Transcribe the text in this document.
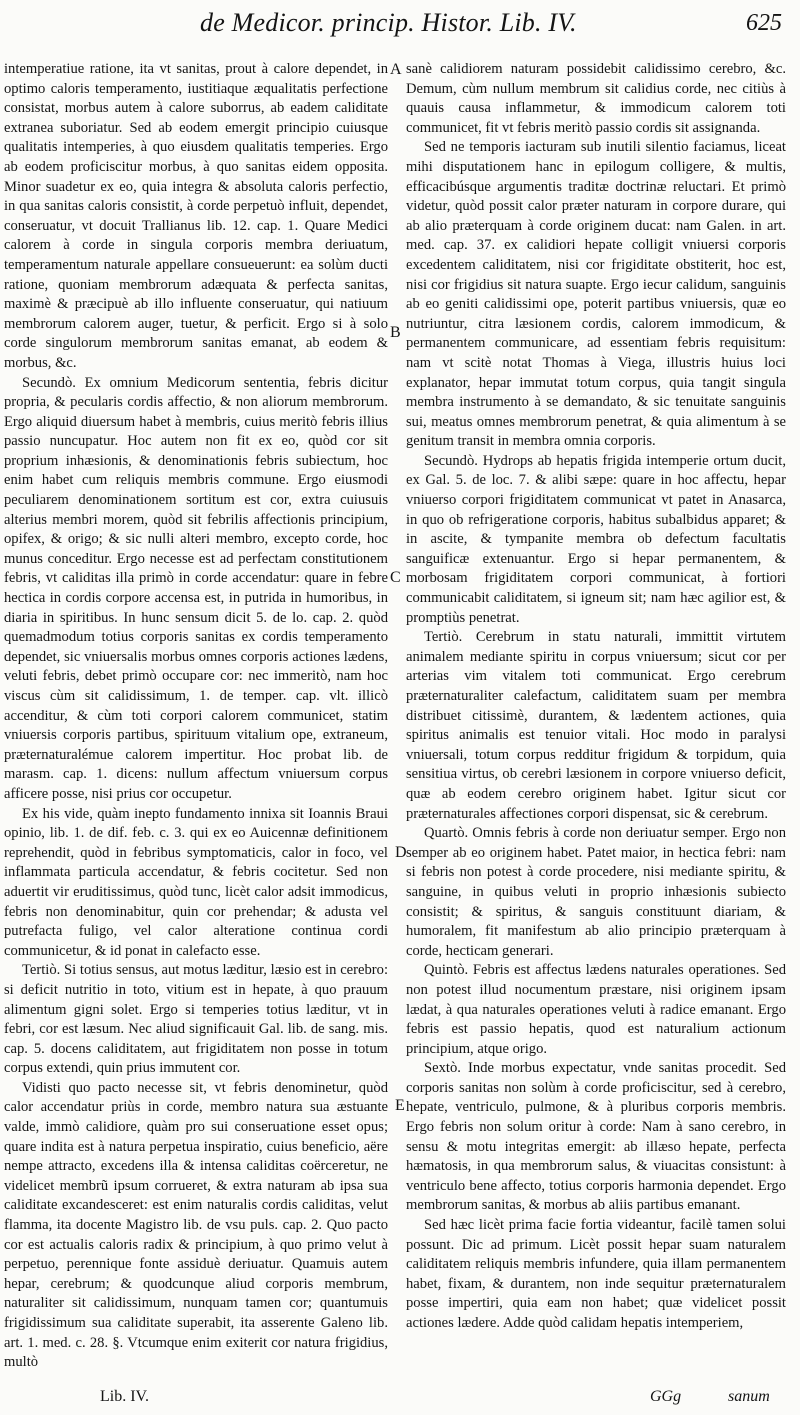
de Medicor. princip. Histor. Lib. IV.	625

intemperatiue ratione, ita vt sanitas, prout à calore dependet, in optimo caloris temperamento, iustitiaque æqualitatis perfectione consistat, morbus autem à calore suborrus, ab eadem caliditate extranea suboriatur. Sed ab eodem emergit principio cuiusque qualitatis intemperies, à quo eiusdem qualitatis temperies. Ergo ab eodem proficiscitur morbus, à quo sanitas eidem opposita. Minor suadetur ex eo, quia integra & absoluta caloris perfectio, in qua sanitas caloris consistit, à corde perpetuò influit, dependet, conseruatur, vt docuit Trallianus lib. 12. cap. 1. Quare Medici calorem à corde in singula corporis membra deriuatum, temperamentum naturale appellare consueuerunt: ea solùm ducti ratione, quoniam membrorum adæquata & perfecta sanitas, maximè & præcipuè ab illo influente conseruatur, qui natiuum membrorum calorem auger, tuetur, & perficit. Ergo si à solo corde singulorum membrorum sanitas emanat, ab eodem & morbus, &c.

Secundò. Ex omnium Medicorum sententia, febris dicitur propria, & pecularis cordis affectio, & non aliorum membrorum. Ergo aliquid diuersum habet à membris, cuius meritò febris illius passio nuncupatur. Hoc autem non fit ex eo, quòd cor sit proprium inhæsionis, & denominationis febris subiectum, hoc enim habet cum reliquis membris commune. Ergo eiusmodi peculiarem denominationem sortitum est cor, extra cuiusuis alterius membri morem, quòd sit febrilis affectionis principium, opifex, & origo; & sic nulli alteri membro, excepto corde, hoc munus conceditur. Ergo necesse est ad perfectam constitutionem febris, vt caliditas illa primò in corde accendatur: quare in febre hectica in cordis corpore accensa est, in putrida in humoribus, in diaria in spiritibus. In hunc sensum dicit 5. de lo. cap. 2. quòd quemadmodum totius corporis sanitas ex cordis temperamento dependet, sic vniuersalis morbus omnes corporis actiones lædens, veluti febris, debet primò occupare cor: nec immeritò, nam hoc viscus cùm sit calidissimum, 1. de temper. cap. vlt. illicò accenditur, & cùm toti corpori calorem communicet, statim vniuersis corporis partibus, spirituum vitalium ope, extraneum, præternaturalémue calorem impertitur. Hoc probat lib. de marasm. cap. 1. dicens: nullum affectum vniuersum corpus afficere posse, nisi prius cor occupetur.

Ex his vide, quàm inepto fundamento innixa sit Ioannis Braui opinio, lib. 1. de dif. feb. c. 3. qui ex eo Auicennæ definitionem reprehendit, quòd in febribus symptomaticis, calor in foco, vel inflammata particula accendatur, & febris cocitetur. Sed non aduertit vir eruditissimus, quòd tunc, licèt calor adsit immodicus, febris non denominabitur, quin cor prehendar; & adusta vel putrefacta fuligo, vel calor alteratione continua cordi communicetur, & id ponat in calefacto esse.

Tertiò. Si totius sensus, aut motus læditur, læsio est in cerebro: si deficit nutritio in toto, vitium est in hepate, à quo prauum alimentum gigni solet. Ergo si temperies totius læditur, vt in febri, cor est læsum. Nec aliud significauit Gal. lib. de sang. mis. cap. 5. docens caliditatem, aut frigiditatem non posse in totum corpus extendi, quin prius immutent cor.

Vidisti quo pacto necesse sit, vt febris denominetur, quòd calor accendatur priùs in corde, membro natura sua æstuante valde, immò calidiore, quàm pro sui conseruatione esset opus; quare indita est à natura perpetua inspiratio, cuius beneficio, aëre nempe attracto, excedens illa & intensa caliditas coërceretur, ne videlicet membrũ ipsum corrueret, & extra naturam ab ipsa sua caliditate excandesceret: est enim naturalis cordis caliditas, velut flamma, ita docente Magistro lib. de vsu puls. cap. 2. Quo pacto cor est actualis caloris radix & principium, à quo primo velut à perpetuo, perennique fonte assiduè deriuatur. Quamuis autem hepar, cerebrum; & quodcunque aliud corporis membrum, naturaliter sit calidissimum, nunquam tamen cor; quantumuis frigidissimum sua caliditate superabit, ita asserente Galeno lib. art. 1. med. c. 28. §. Vtcumque enim exiterit cor natura frigidius, multò

A
B
C
D
E

sanè calidiorem naturam possidebit calidissimo cerebro, &c. Demum, cùm nullum membrum sit calidius corde, nec citiùs à quauis causa inflammetur, & immodicum calorem toti communicet, fit vt febris meritò passio cordis sit assignanda.

Sed ne temporis iacturam sub inutili silentio faciamus, liceat mihi disputationem hanc in epilogum colligere, & multis, efficacibúsque argumentis traditæ doctrinæ reluctari. Et primò videtur, quòd possit calor præter naturam in corpore durare, qui ab alio præterquam à corde originem ducat: nam Galen. in art. med. cap. 37. ex calidiori hepate colligit vniuersi corporis excedentem caliditatem, nisi cor frigiditate obstiterit, hoc est, nisi cor frigidius sit natura suapte. Ergo iecur calidum, sanguinis ab eo geniti calidissimi ope, poterit partibus vniuersis, quæ eo nutriuntur, citra læsionem cordis, calorem immodicum, & permanentem communicare, ad essentiam febris requisitum: nam vt scitè notat Thomas à Viega, illustris huius loci explanator, hepar immutat totum corpus, quia tangit singula membra instrumento à se demandato, & sic tenuitate sanguinis sui, meatus omnes membrorum penetrat, & quia alimentum à se genitum transit in membra omnia corporis.

Secundò. Hydrops ab hepatis frigida intemperie ortum ducit, ex Gal. 5. de loc. 7. & alibi sæpe: quare in hoc affectu, hepar vniuerso corpori frigiditatem communicat vt patet in Anasarca, in quo ob refrigeratione corporis, habitus subalbidus apparet; & in ascite, & tympanite membra ob defectum facultatis sanguificæ extenuantur. Ergo si hepar permanentem, & morbosam frigiditatem corpori communicat, à fortiori communicabit caliditatem, si igneum sit; nam hæc agilior est, & promptiùs penetrat.

Tertiò. Cerebrum in statu naturali, immittit virtutem animalem mediante spiritu in corpus vniuersum; sicut cor per arterias vim vitalem toti communicat. Ergo cerebrum præternaturaliter calefactum, caliditatem suam per membra distribuet citissimè, durantem, & lædentem actiones, quia spiritus animalis est tenuior vitali. Hoc modo in paralysi vniuersali, totum corpus redditur frigidum & torpidum, quia sensitiua virtus, ob cerebri læsionem in corpore vniuerso deficit, quæ ab eodem cerebro originem habet. Igitur sicut cor præternaturales affectiones corpori dispensat, sic & cerebrum.

Quartò. Omnis febris à corde non deriuatur semper. Ergo non semper ab eo originem habet. Patet maior, in hectica febri: nam si febris non potest à corde procedere, nisi mediante spiritu, & sanguine, in quibus veluti in proprio inhæsionis subiecto consistit; & spiritus, & sanguis constituunt diariam, & humoralem, fit manifestum ab alio principio præterquam à corde, hecticam generari.

Quintò. Febris est affectus lædens naturales operationes. Sed non potest illud nocumentum præstare, nisi originem ipsam lædat, à qua naturales operationes veluti à radice emanant. Ergo febris est passio hepatis, quod est naturalium actionum principium, atque origo.

Sextò. Inde morbus expectatur, vnde sanitas procedit. Sed corporis sanitas non solùm à corde proficiscitur, sed à cerebro, hepate, ventriculo, pulmone, & à pluribus corporis membris. Ergo febris non solum oritur à corde: Nam à sano cerebro, in sensu & motu integritas emergit: ab illæso hepate, perfecta hæmatosis, in qua membrorum salus, & viuacitas consistunt: à ventriculo bene affecto, totius corporis harmonia dependet. Ergo membrorum sanitas, & morbus ab aliis partibus emanant.

Sed hæc licèt prima facie fortia videantur, facilè tamen solui possunt. Dic ad primum. Licèt possit hepar suam naturalem caliditatem reliquis membris infundere, quia illam permanentem habet, fixam, & durantem, non inde sequitur præternaturalem posse impertiri, quia eam non habet; quæ videlicet possit actiones lædere. Adde quòd calidam hepatis intemperiem,

Lib. IV.	GGg	sanum
